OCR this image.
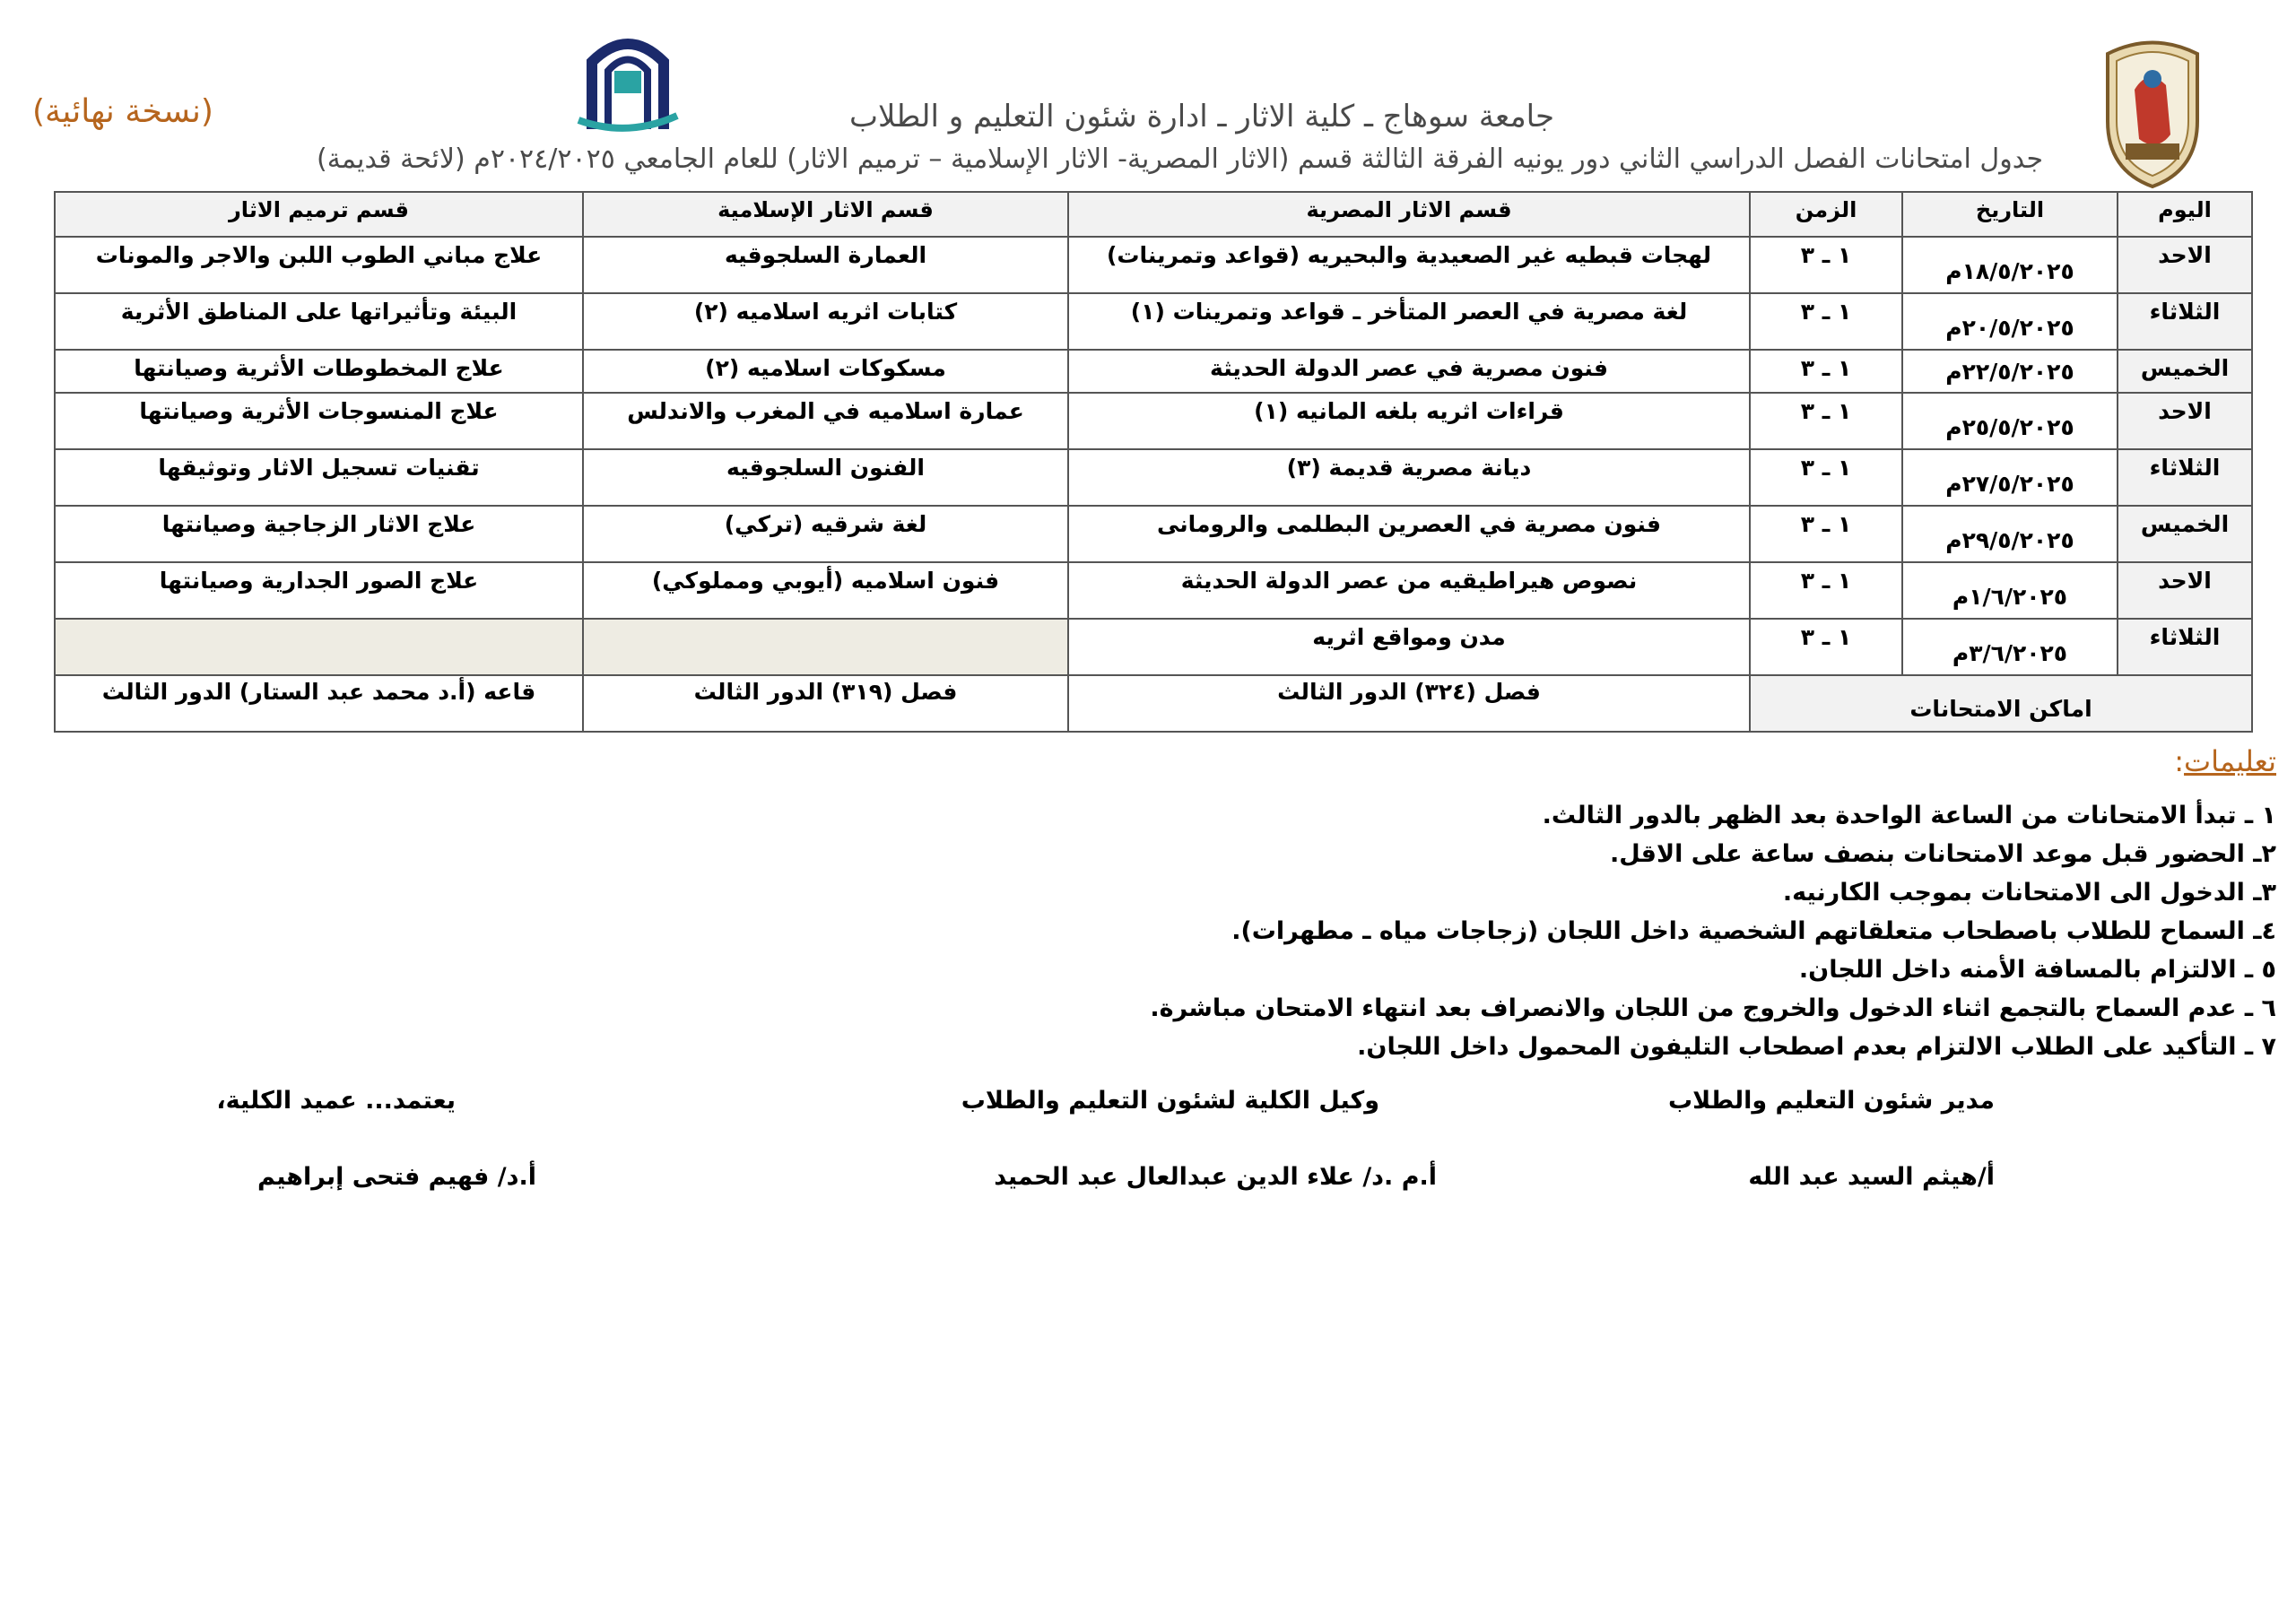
(نسخة نهائية)	جامعة سوهاج ـ كلية الاثار ـ ادارة شئون التعليم و الطلاب
جدول امتحانات الفصل الدراسي الثاني دور يونيه الفرقة الثالثة قسم (الاثار المصرية- الاثار الإسلامية – ترميم الاثار) للعام الجامعي ٢٠٢٤/٢٠٢٥م (لائحة قديمة)
اليوم	التاريخ	الزمن	قسم الاثار المصرية	قسم الاثار الإسلامية	قسم ترميم الاثار
الاحد	١٨/٥/٢٠٢٥م	١ ـ ٣	لهجات قبطيه غير الصعيدية والبحيريه (قواعد وتمرينات)	العمارة السلجوقيه	علاج مباني الطوب اللبن والاجر والمونات
الثلاثاء	٢٠/٥/٢٠٢٥م	١ ـ ٣	لغة مصرية في العصر المتأخر ـ قواعد وتمرينات (١)	كتابات اثريه اسلاميه (٢)	البيئة وتأثيراتها على المناطق الأثرية
الخميس	٢٢/٥/٢٠٢٥م	١ ـ ٣	فنون مصرية في عصر الدولة الحديثة	مسكوكات اسلاميه (٢)	علاج المخطوطات الأثرية وصيانتها
الاحد	٢٥/٥/٢٠٢٥م	١ ـ ٣	قراءات اثريه بلغه المانيه (١)	عمارة اسلاميه في المغرب والاندلس	علاج المنسوجات الأثرية وصيانتها
الثلاثاء	٢٧/٥/٢٠٢٥م	١ ـ ٣	ديانة مصرية قديمة (٣)	الفنون السلجوقيه	تقنيات تسجيل الاثار وتوثيقها
الخميس	٢٩/٥/٢٠٢٥م	١ ـ ٣	فنون مصرية في العصرين البطلمى والرومانى	لغة شرقيه (تركي)	علاج الاثار الزجاجية وصيانتها
الاحد	١/٦/٢٠٢٥م	١ ـ ٣	نصوص هيراطيقيه من عصر الدولة الحديثة	فنون اسلاميه (أيوبي ومملوكي)	علاج الصور الجدارية وصيانتها
الثلاثاء	٣/٦/٢٠٢٥م	١ ـ ٣	مدن ومواقع اثريه		
اماكن الامتحانات			فصل (٣٢٤) الدور الثالث	فصل (٣١٩) الدور الثالث	قاعه (أ.د محمد عبد الستار) الدور الثالث
تعليمات:
١ ـ تبدأ الامتحانات من الساعة الواحدة بعد الظهر بالدور الثالث.
٢ـ الحضور قبل موعد الامتحانات بنصف ساعة على الاقل.
٣ـ الدخول الى الامتحانات بموجب الكارنيه.
٤ـ السماح للطلاب باصطحاب متعلقاتهم الشخصية داخل اللجان (زجاجات مياه ـ مطهرات).
٥ ـ الالتزام بالمسافة الأمنه داخل اللجان.
٦ ـ عدم السماح بالتجمع اثناء الدخول والخروج من اللجان والانصراف بعد انتهاء الامتحان مباشرة.
٧ ـ التأكيد على الطلاب الالتزام بعدم اصطحاب التليفون المحمول داخل اللجان.
مدير شئون التعليم والطلاب
أ/هيثم السيد عبد الله
وكيل الكلية لشئون التعليم والطلاب
أ.م .د/ علاء الدين عبدالعال عبد الحميد
يعتمد... عميد الكلية،
أ.د/ فهيم فتحى إبراهيم
